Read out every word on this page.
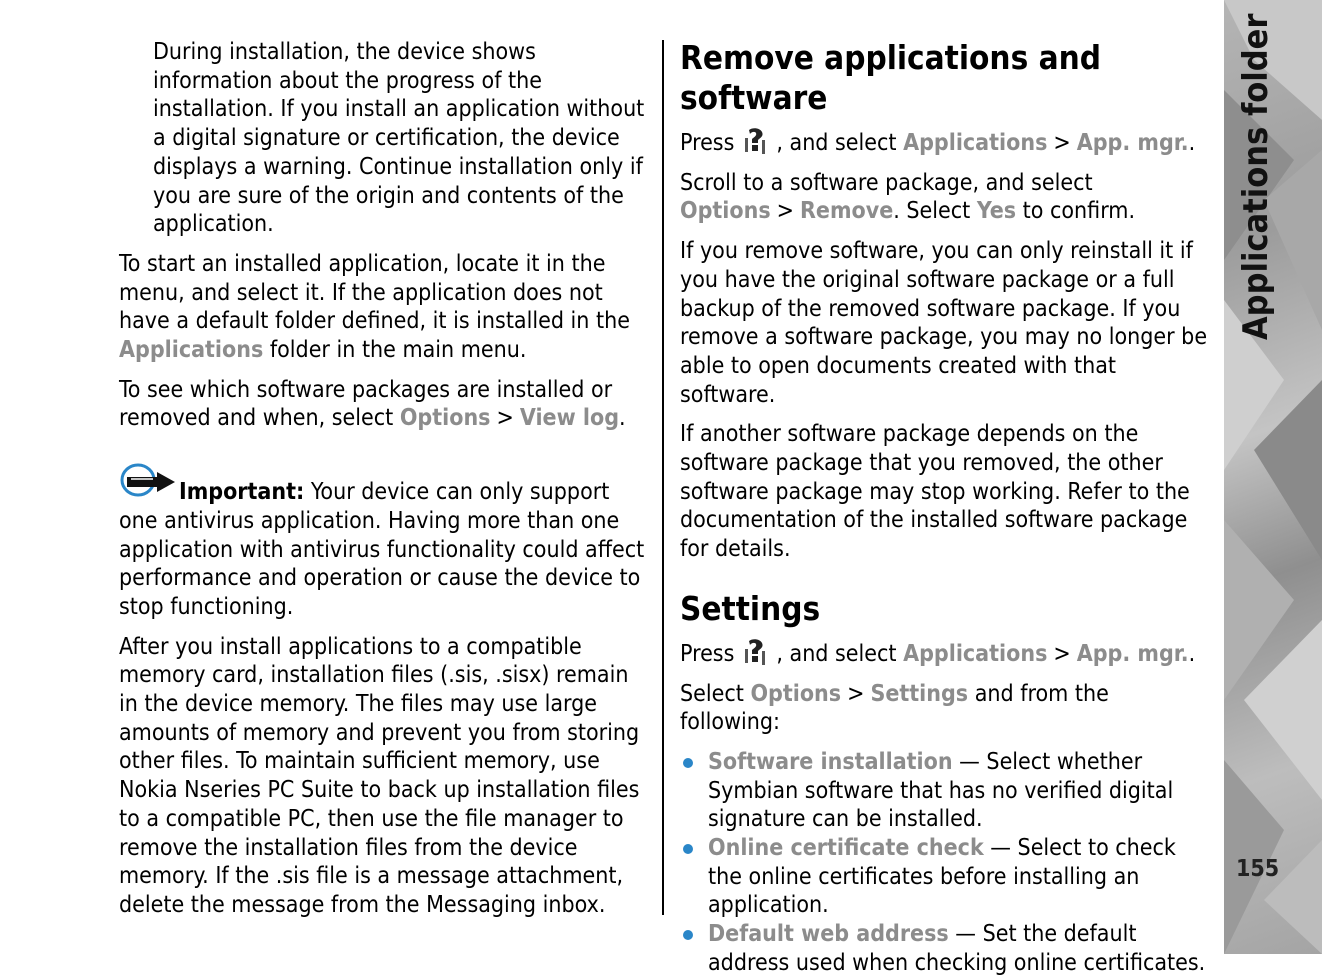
During installation, the device shows information about the progress of the installation. If you install an application without a digital signature or certification, the device displays a warning. Continue installation only if you are sure of the origin and contents of the application.

To start an installed application, locate it in the menu, and select it. If the application does not have a default folder defined, it is installed in the Applications folder in the main menu.

To see which software packages are installed or removed and when, select Options > View log.

Important: Your device can only support one antivirus application. Having more than one application with antivirus functionality could affect performance and operation or cause the device to stop functioning.

After you install applications to a compatible memory card, installation files (.sis, .sisx) remain in the device memory. The files may use large amounts of memory and prevent you from storing other files. To maintain sufficient memory, use Nokia Nseries PC Suite to back up installation files to a compatible PC, then use the file manager to remove the installation files from the device memory. If the .sis file is a message attachment, delete the message from the Messaging inbox.

Remove applications and software

Press , and select Applications > App. mgr..

Scroll to a software package, and select Options > Remove. Select Yes to confirm.

If you remove software, you can only reinstall it if you have the original software package or a full backup of the removed software package. If you remove a software package, you may no longer be able to open documents created with that software.

If another software package depends on the software package that you removed, the other software package may stop working. Refer to the documentation of the installed software package for details.

Settings

Press , and select Applications > App. mgr..

Select Options > Settings and from the following:

Software installation — Select whether Symbian software that has no verified digital signature can be installed.
Online certificate check — Select to check the online certificates before installing an application.
Default web address — Set the default address used when checking online certificates.
Applications folder
155
